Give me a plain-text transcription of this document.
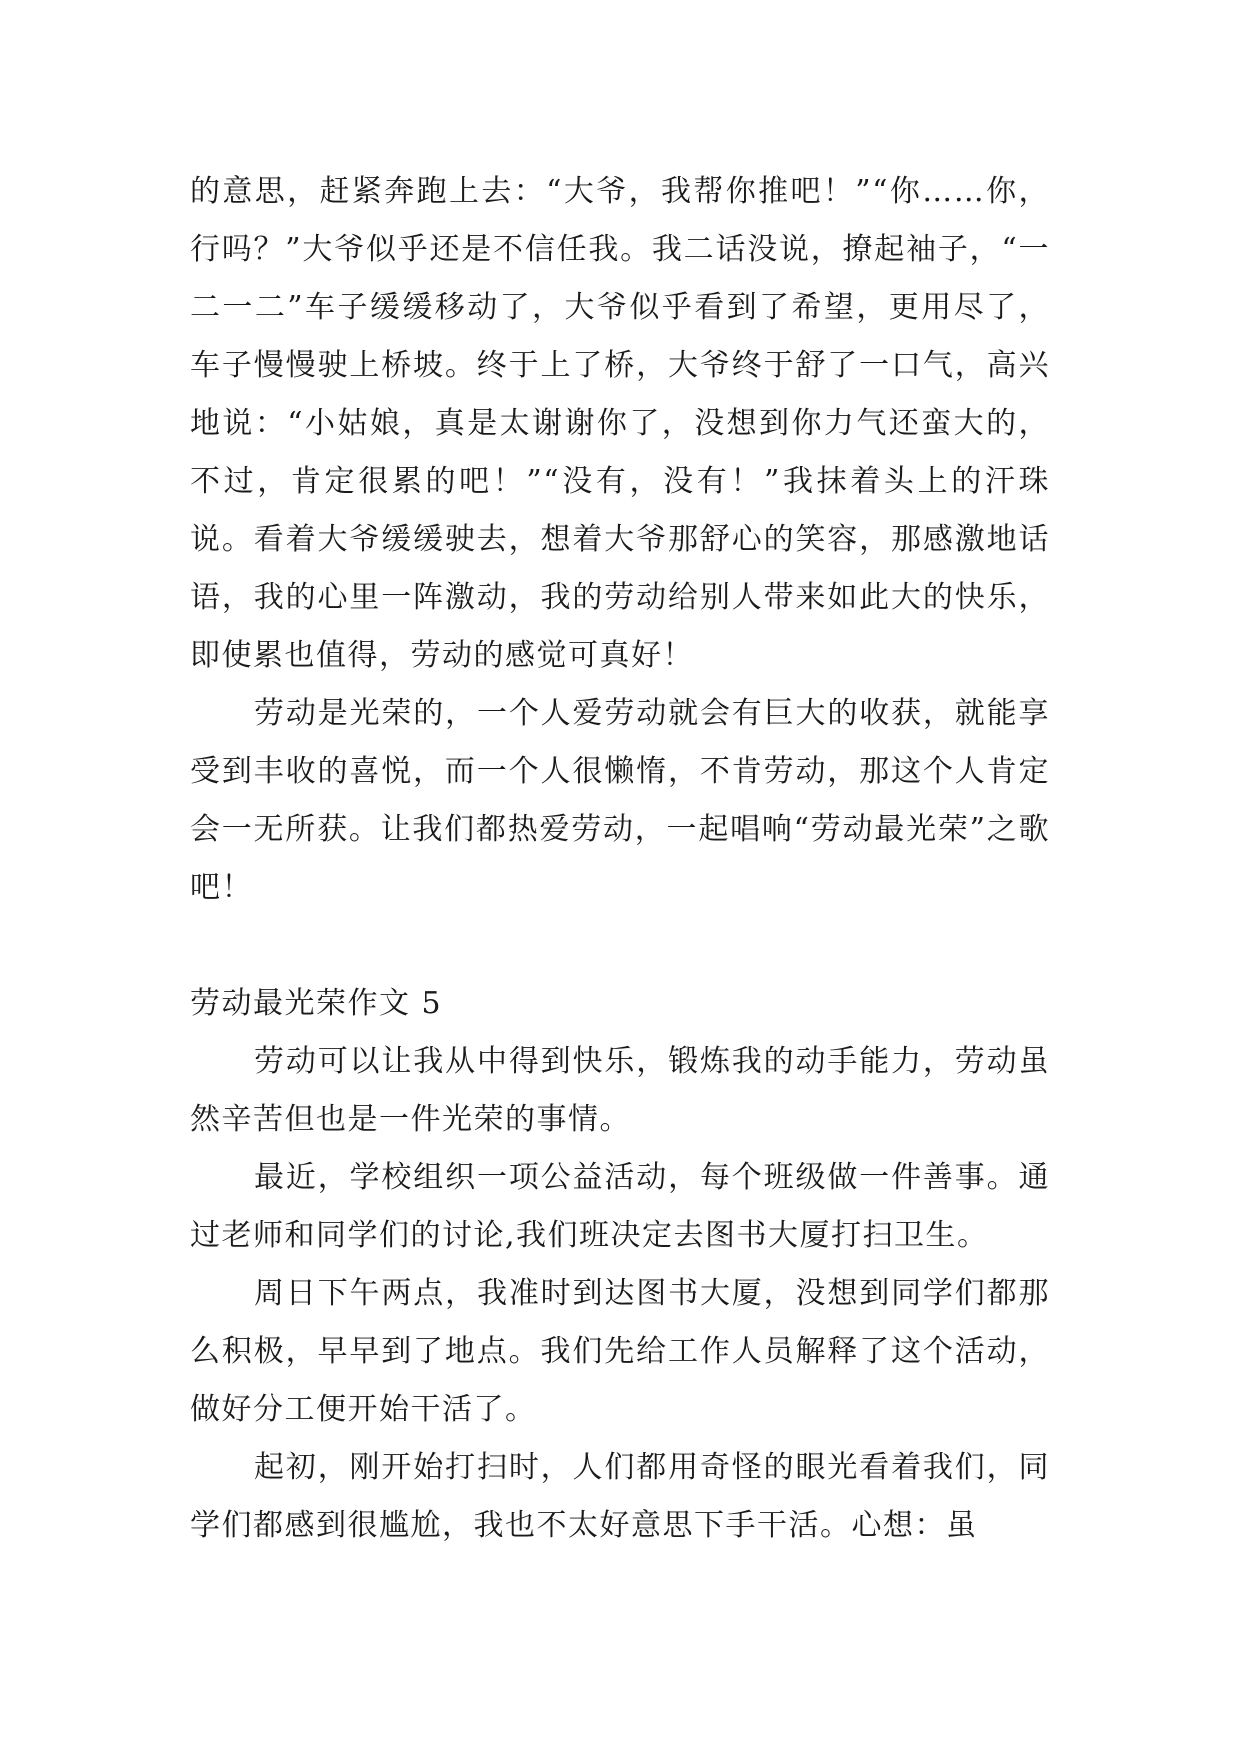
的意思，赶紧奔跑上去：“大爷，我帮你推吧！”“你……你，行吗？”大爷似乎还是不信任我。我二话没说，撩起袖子，“一二一二”车子缓缓移动了，大爷似乎看到了希望，更用尽了，车子慢慢驶上桥坡。终于上了桥，大爷终于舒了一口气，高兴地说：“小姑娘，真是太谢谢你了，没想到你力气还蛮大的，不过，肯定很累的吧！”“没有，没有！”我抹着头上的汗珠说。看着大爷缓缓驶去，想着大爷那舒心的笑容，那感激地话语，我的心里一阵激动，我的劳动给别人带来如此大的快乐，即使累也值得，劳动的感觉可真好！

劳动是光荣的，一个人爱劳动就会有巨大的收获，就能享受到丰收的喜悦，而一个人很懒惰，不肯劳动，那这个人肯定会一无所获。让我们都热爱劳动，一起唱响“劳动最光荣”之歌吧！

劳动最光荣作文 5

劳动可以让我从中得到快乐，锻炼我的动手能力，劳动虽然辛苦但也是一件光荣的事情。

最近，学校组织一项公益活动，每个班级做一件善事。通过老师和同学们的讨论,我们班决定去图书大厦打扫卫生。

周日下午两点，我准时到达图书大厦，没想到同学们都那么积极，早早到了地点。我们先给工作人员解释了这个活动，做好分工便开始干活了。

起初，刚开始打扫时，人们都用奇怪的眼光看着我们，同学们都感到很尴尬，我也不太好意思下手干活。心想：虽
